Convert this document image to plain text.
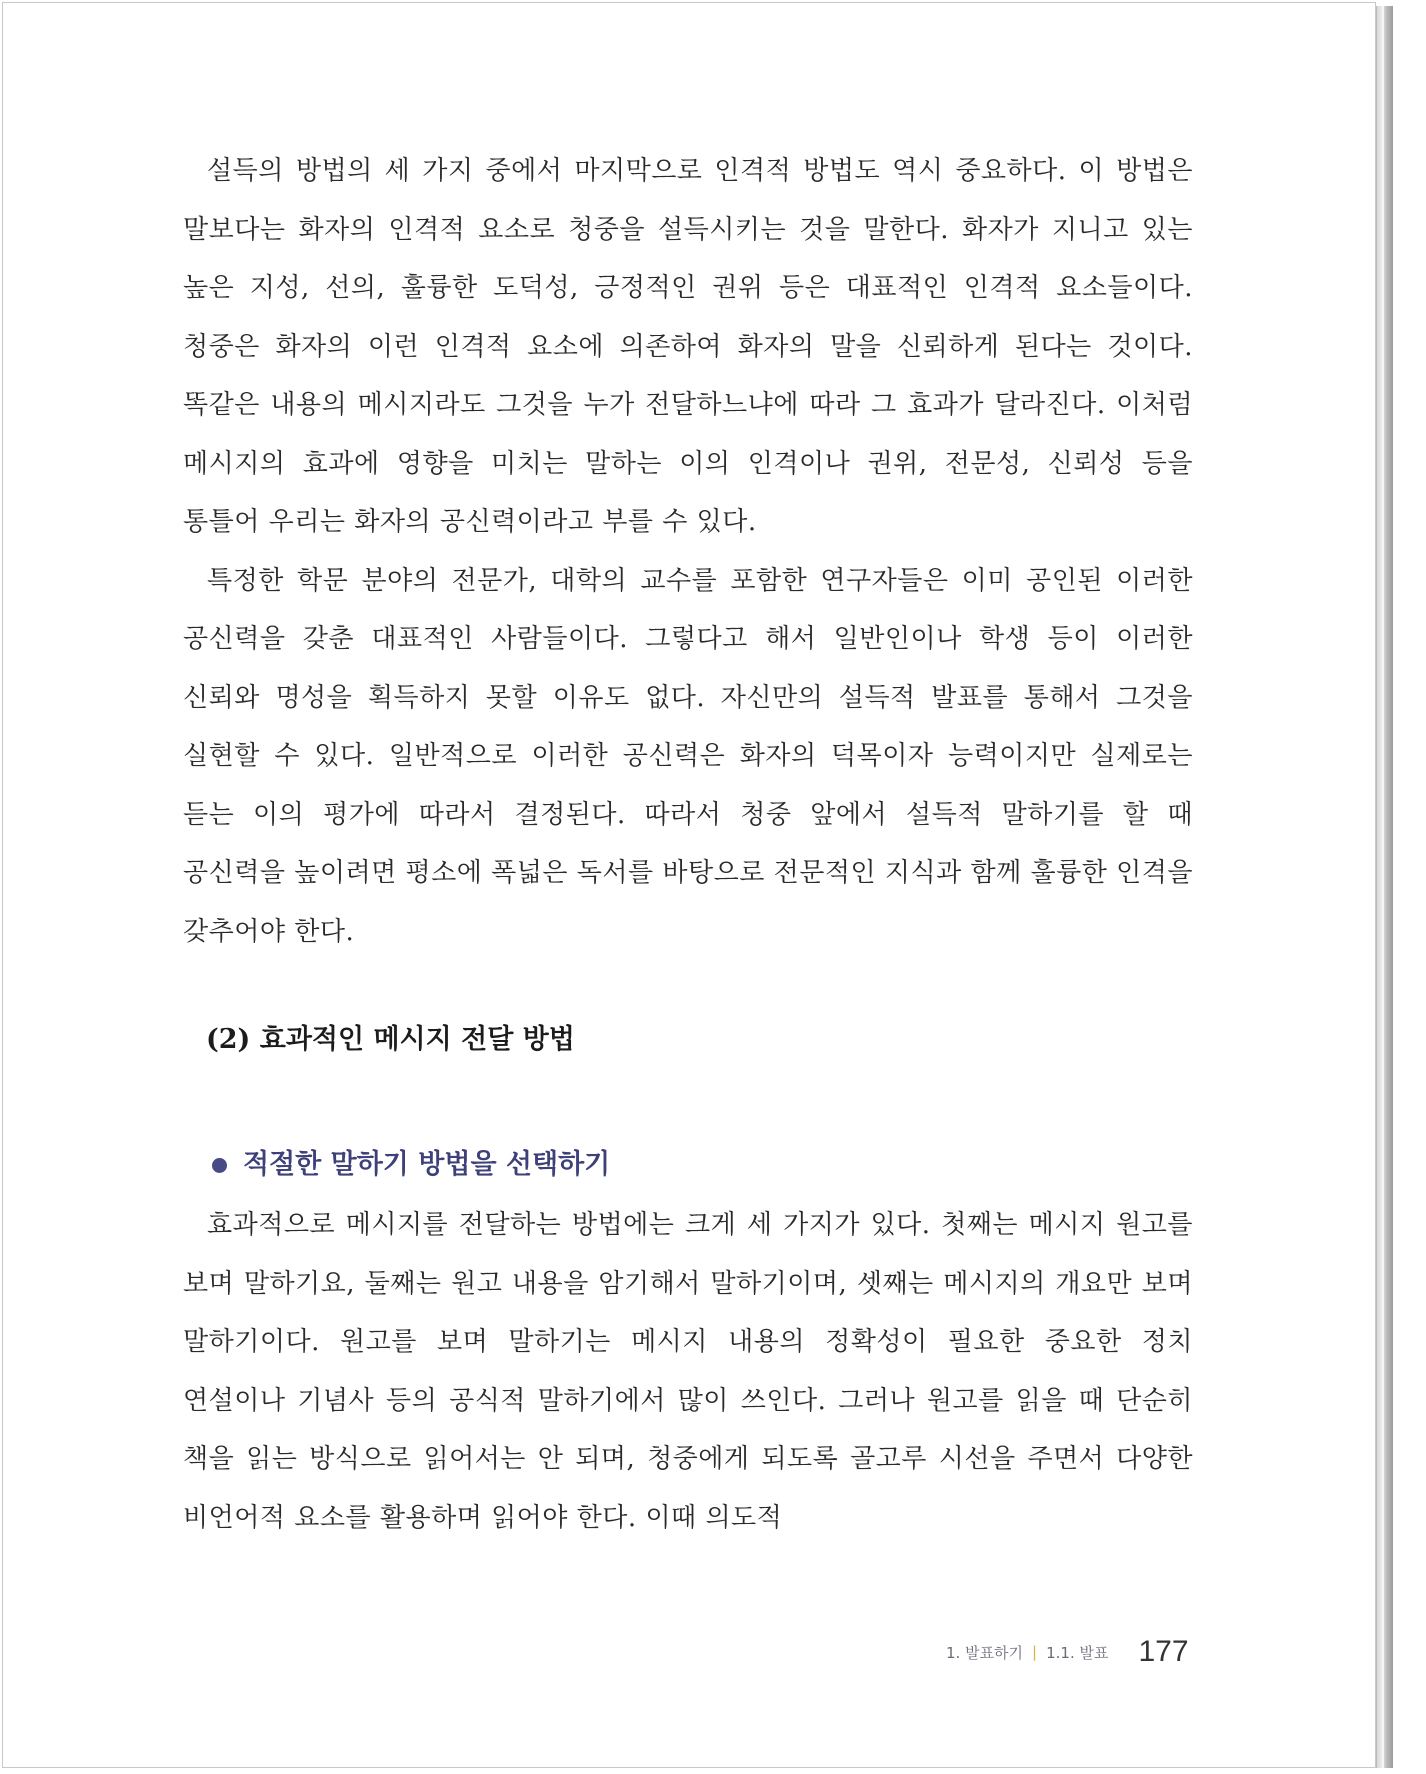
설득의 방법의 세 가지 중에서 마지막으로 인격적 방법도 역시 중요하다. 이 방법은 말보다는 화자의 인격적 요소로 청중을 설득시키는 것을 말한다. 화자가 지니고 있는 높은 지성, 선의, 훌륭한 도덕성, 긍정적인 권위 등은 대표적인 인격적 요소들이다. 청중은 화자의 이런 인격적 요소에 의존하여 화자의 말을 신뢰하게 된다는 것이다. 똑같은 내용의 메시지라도 그것을 누가 전달하느냐에 따라 그 효과가 달라진다. 이처럼 메시지의 효과에 영향을 미치는 말하는 이의 인격이나 권위, 전문성, 신뢰성 등을 통틀어 우리는 화자의 공신력이라고 부를 수 있다.

특정한 학문 분야의 전문가, 대학의 교수를 포함한 연구자들은 이미 공인된 이러한 공신력을 갖춘 대표적인 사람들이다. 그렇다고 해서 일반인이나 학생 등이 이러한 신뢰와 명성을 획득하지 못할 이유도 없다. 자신만의 설득적 발표를 통해서 그것을 실현할 수 있다. 일반적으로 이러한 공신력은 화자의 덕목이자 능력이지만 실제로는 듣는 이의 평가에 따라서 결정된다. 따라서 청중 앞에서 설득적 말하기를 할 때 공신력을 높이려면 평소에 폭넓은 독서를 바탕으로 전문적인 지식과 함께 훌륭한 인격을 갖추어야 한다.

(2) 효과적인 메시지 전달 방법
적절한 말하기 방법을 선택하기

효과적으로 메시지를 전달하는 방법에는 크게 세 가지가 있다. 첫째는 메시지 원고를 보며 말하기요, 둘째는 원고 내용을 암기해서 말하기이며, 셋째는 메시지의 개요만 보며 말하기이다. 원고를 보며 말하기는 메시지 내용의 정확성이 필요한 중요한 정치 연설이나 기념사 등의 공식적 말하기에서 많이 쓰인다. 그러나 원고를 읽을 때 단순히 책을 읽는 방식으로 읽어서는 안 되며, 청중에게 되도록 골고루 시선을 주면서 다양한 비언어적 요소를 활용하며 읽어야 한다. 이때 의도적

1. 발표하기 | 1.1. 발표 177
